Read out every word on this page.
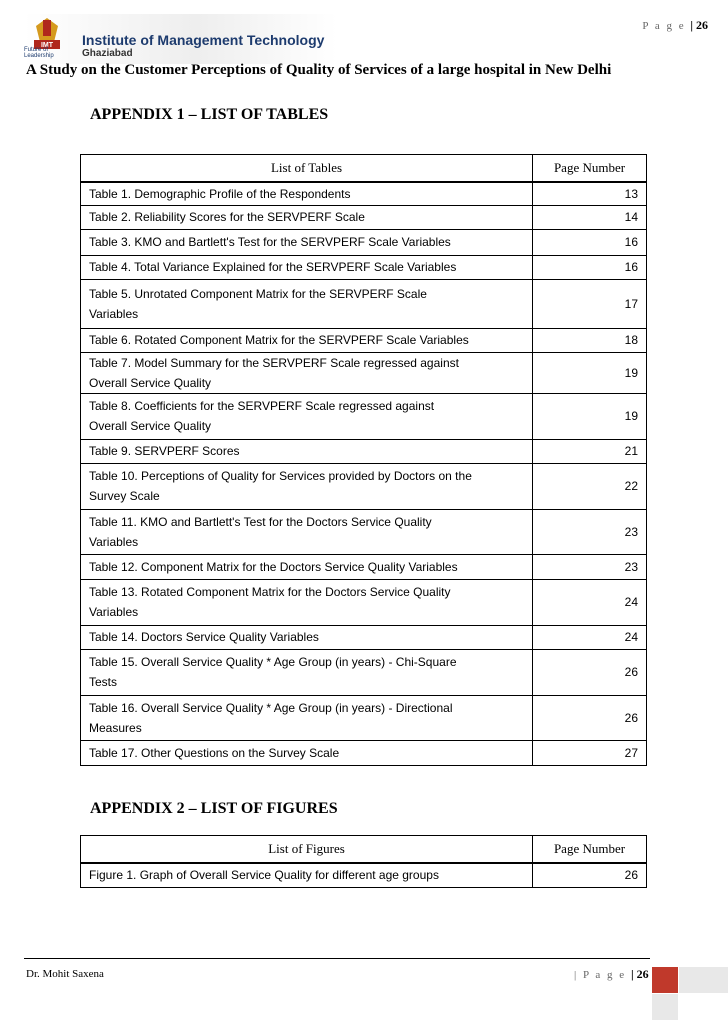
P a g e | 26
IMT
Future of Leadership
Institute of Management Technology
Ghaziabad
A Study on the Customer Perceptions of Quality of Services of a large hospital in New Delhi
APPENDIX 1 – LIST OF TABLES
List of Tables	Page Number
Table 1. Demographic Profile of the Respondents	13
Table 2. Reliability Scores for the SERVPERF Scale	14
Table 3. KMO and Bartlett's Test for the SERVPERF Scale Variables	16
Table 4. Total Variance Explained for the SERVPERF Scale Variables	16
Table 5. Unrotated Component Matrix for the SERVPERF Scale
Variables	17
Table 6. Rotated Component Matrix for the SERVPERF Scale Variables	18
Table 7. Model Summary for the SERVPERF Scale regressed against
Overall Service Quality	19
Table 8. Coefficients for the SERVPERF Scale regressed against
Overall Service Quality	19
Table 9. SERVPERF Scores	21
Table 10. Perceptions of Quality for Services provided by Doctors on the
Survey Scale	22
Table 11. KMO and Bartlett's Test for the Doctors Service Quality
Variables	23
Table 12. Component Matrix for the Doctors Service Quality Variables	23
Table 13. Rotated Component Matrix for the Doctors Service Quality
Variables	24
Table 14. Doctors Service Quality Variables	24
Table 15. Overall Service Quality * Age Group (in years) - Chi-Square
Tests	26
Table 16. Overall Service Quality * Age Group (in years) - Directional
Measures	26
Table 17. Other Questions on the Survey Scale	27
APPENDIX 2 – LIST OF FIGURES
List of Figures	Page Number
Figure 1. Graph of Overall Service Quality for different age groups	26
Dr. Mohit Saxena	| P a g e | 26
